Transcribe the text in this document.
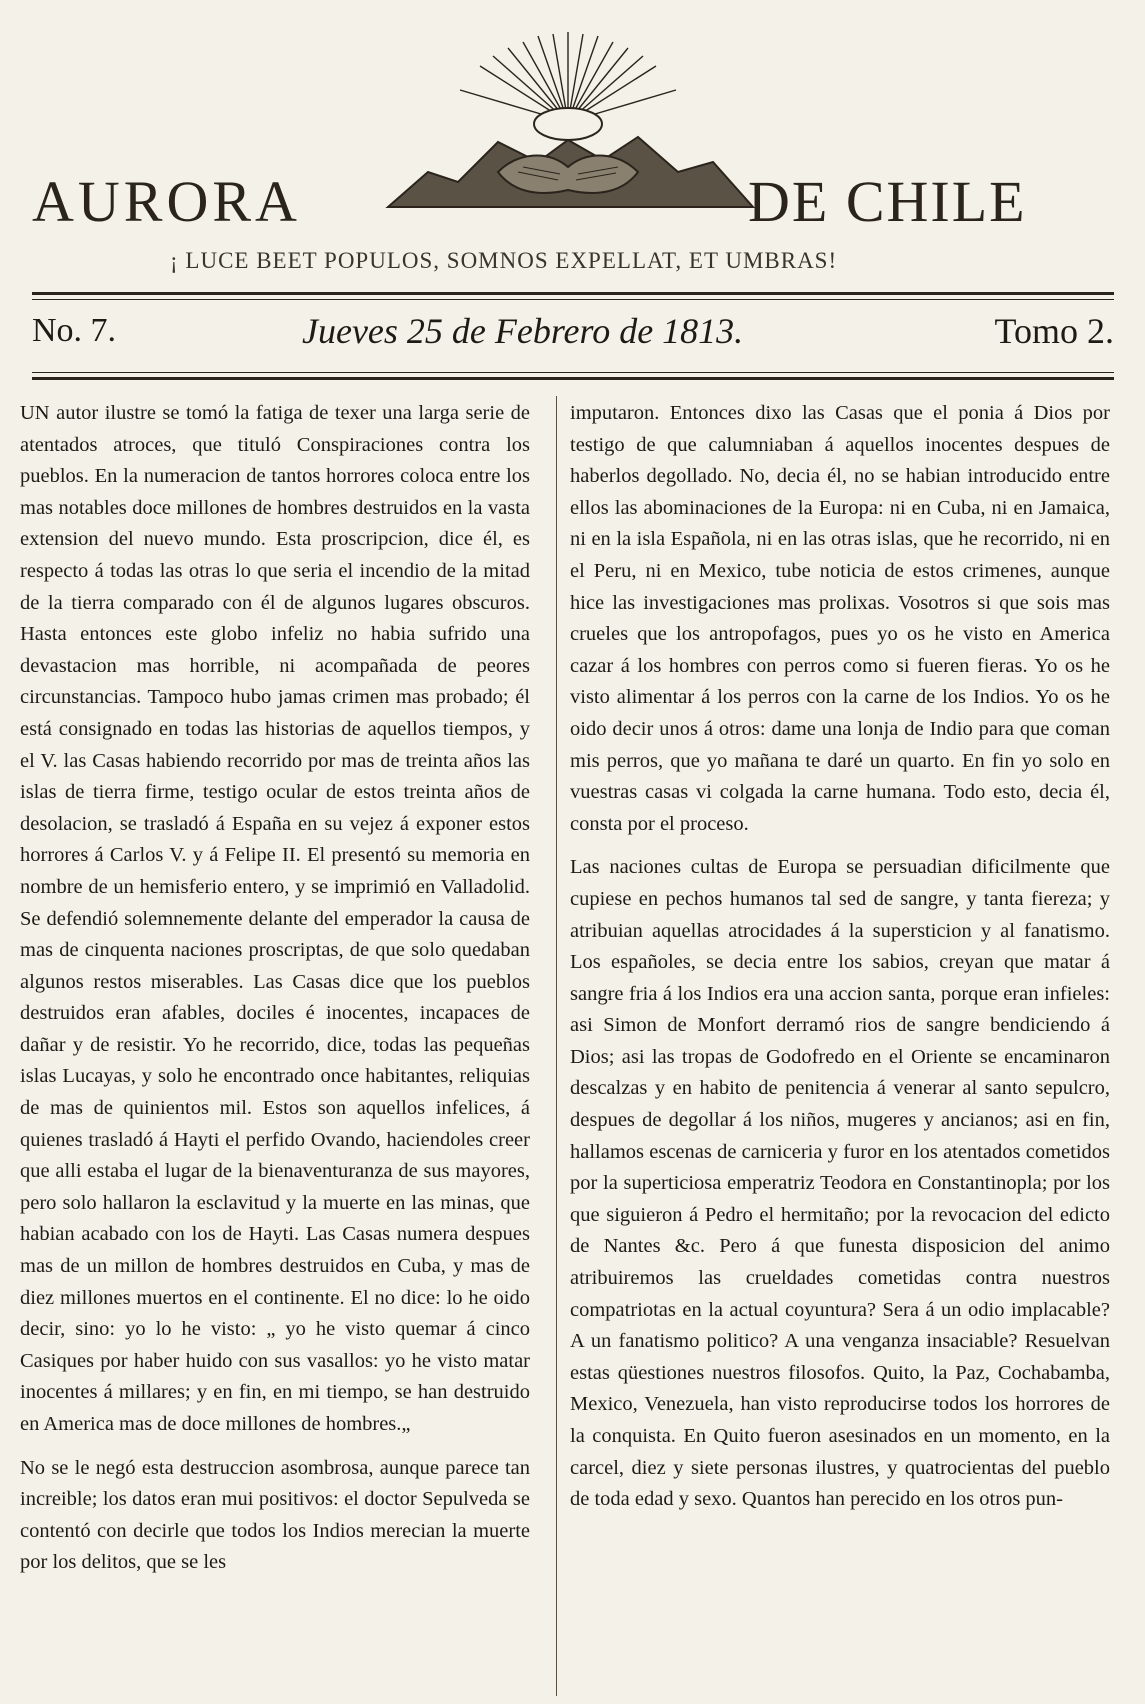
AURORA	DE CHILE
¡ LUCE BEET POPULOS, SOMNOS EXPELLAT, ET UMBRAS!
No. 7.	Jueves 25 de Febrero de 1813.	Tomo 2.

UN autor ilustre se tomó la fatiga de texer una larga serie de atentados atroces, que tituló Conspiraciones contra los pueblos. En la numeracion de tantos horrores coloca entre los mas notables doce millones de hombres destruidos en la vasta extension del nuevo mundo. Esta proscripcion, dice él, es respecto á todas las otras lo que seria el incendio de la mitad de la tierra comparado con él de algunos lugares obscuros. Hasta entonces este globo infeliz no habia sufrido una devastacion mas horrible, ni acompañada de peores circunstancias. Tampoco hubo jamas crimen mas probado; él está consignado en todas las historias de aquellos tiempos, y el V. las Casas habiendo recorrido por mas de treinta años las islas de tierra firme, testigo ocular de estos treinta años de desolacion, se trasladó á España en su vejez á exponer estos horrores á Carlos V. y á Felipe II. El presentó su memoria en nombre de un hemisferio entero, y se imprimió en Valladolid. Se defendió solemnemente delante del emperador la causa de mas de cinquenta naciones proscriptas, de que solo quedaban algunos restos miserables. Las Casas dice que los pueblos destruidos eran afables, dociles é inocentes, incapaces de dañar y de resistir. Yo he recorrido, dice, todas las pequeñas islas Lucayas, y solo he encontrado once habitantes, reliquias de mas de quinientos mil. Estos son aquellos infelices, á quienes trasladó á Hayti el perfido Ovando, haciendoles creer que alli estaba el lugar de la bienaventuranza de sus mayores, pero solo hallaron la esclavitud y la muerte en las minas, que habian acabado con los de Hayti. Las Casas numera despues mas de un millon de hombres destruidos en Cuba, y mas de diez millones muertos en el continente. El no dice: lo he oido decir, sino: yo lo he visto: „ yo he visto quemar á cinco Casiques por haber huido con sus vasallos: yo he visto matar inocentes á millares; y en fin, en mi tiempo, se han destruido en America mas de doce millones de hombres.„

No se le negó esta destruccion asombrosa, aunque parece tan increible; los datos eran mui positivos: el doctor Sepulveda se contentó con decirle que todos los Indios merecian la muerte por los delitos, que se les

imputaron. Entonces dixo las Casas que el ponia á Dios por testigo de que calumniaban á aquellos inocentes despues de haberlos degollado. No, decia él, no se habian introducido entre ellos las abominaciones de la Europa: ni en Cuba, ni en Jamaica, ni en la isla Española, ni en las otras islas, que he recorrido, ni en el Peru, ni en Mexico, tube noticia de estos crimenes, aunque hice las investigaciones mas prolixas. Vosotros si que sois mas crueles que los antropofagos, pues yo os he visto en America cazar á los hombres con perros como si fueren fieras. Yo os he visto alimentar á los perros con la carne de los Indios. Yo os he oido decir unos á otros: dame una lonja de Indio para que coman mis perros, que yo mañana te daré un quarto. En fin yo solo en vuestras casas vi colgada la carne humana. Todo esto, decia él, consta por el proceso.

Las naciones cultas de Europa se persuadian dificilmente que cupiese en pechos humanos tal sed de sangre, y tanta fiereza; y atribuian aquellas atrocidades á la supersticion y al fanatismo. Los españoles, se decia entre los sabios, creyan que matar á sangre fria á los Indios era una accion santa, porque eran infieles: asi Simon de Monfort derramó rios de sangre bendiciendo á Dios; asi las tropas de Godofredo en el Oriente se encaminaron descalzas y en habito de penitencia á venerar al santo sepulcro, despues de degollar á los niños, mugeres y ancianos; asi en fin, hallamos escenas de carniceria y furor en los atentados cometidos por la superticiosa emperatriz Teodora en Constantinopla; por los que siguieron á Pedro el hermitaño; por la revocacion del edicto de Nantes &c. Pero á que funesta disposicion del animo atribuiremos las crueldades cometidas contra nuestros compatriotas en la actual coyuntura? Sera á un odio implacable? A un fanatismo politico? A una venganza insaciable? Resuelvan estas qüestiones nuestros filosofos. Quito, la Paz, Cochabamba, Mexico, Venezuela, han visto reproducirse todos los horrores de la conquista. En Quito fueron asesinados en un momento, en la carcel, diez y siete personas ilustres, y quatrocientas del pueblo de toda edad y sexo. Quantos han perecido en los otros pun-
